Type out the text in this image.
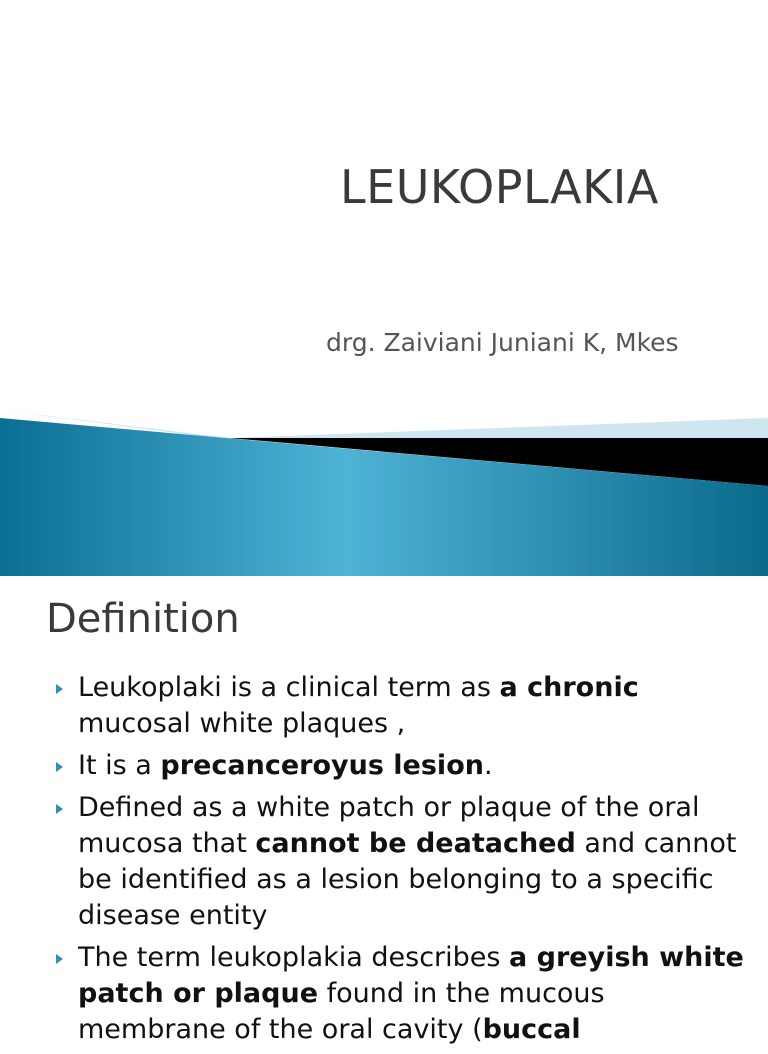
LEUKOPLAKIA
drg. Zaiviani Juniani K, Mkes
Definition
Leukoplaki is a clinical term as a chronic mucosal white plaques ,
It is a precanceroyus lesion.
Defined as a white patch or plaque of the oral mucosa that cannot be deatached and cannot be identified as a lesion belonging to a specific disease entity
The term leukoplakia describes a greyish white patch or plaque found in the mucous membrane of the oral cavity (buccal
